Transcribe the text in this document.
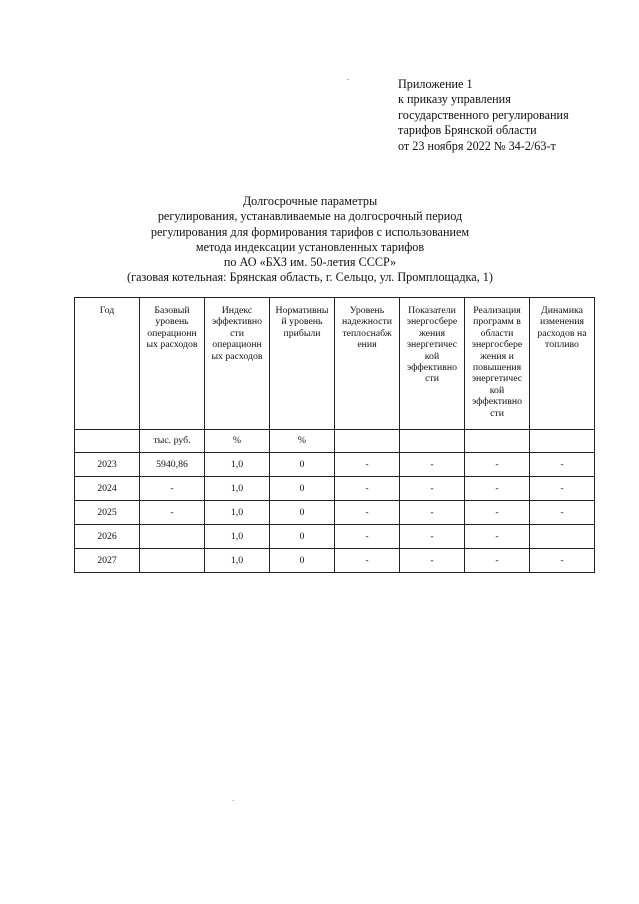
Приложение 1
к приказу управления
государственного регулирования
тарифов Брянской области
от 23 ноября 2022 № 34-2/63-т
Долгосрочные параметры
регулирования, устанавливаемые на долгосрочный период
регулирования для формирования тарифов с использованием
метода индексации установленных тарифов
по АО «БХЗ им. 50-летия СССР»
(газовая котельная: Брянская область, г. Сельцо, ул. Промплощадка, 1)
Год	Базовый уровень операционн ых расходов	Индекс эффективно сти операционн ых расходов	Нормативны й уровень прибыли	Уровень надежности теплоснабж ения	Показатели энергосбере жения энергетичес кой эффективно сти	Реализация программ в области энергосбере жения и повышения энергетичес кой эффективно сти	Динамика изменения расходов на топливо

	тыс. руб.	%	%				
2023	5940,86	1,0	0	-	-	-	-
2024	-	1,0	0	-	-	-	-
2025	-	1,0	0	-	-	-	-
2026		1,0	0	-	-	-	
2027		1,0	0	-	-	-	-
